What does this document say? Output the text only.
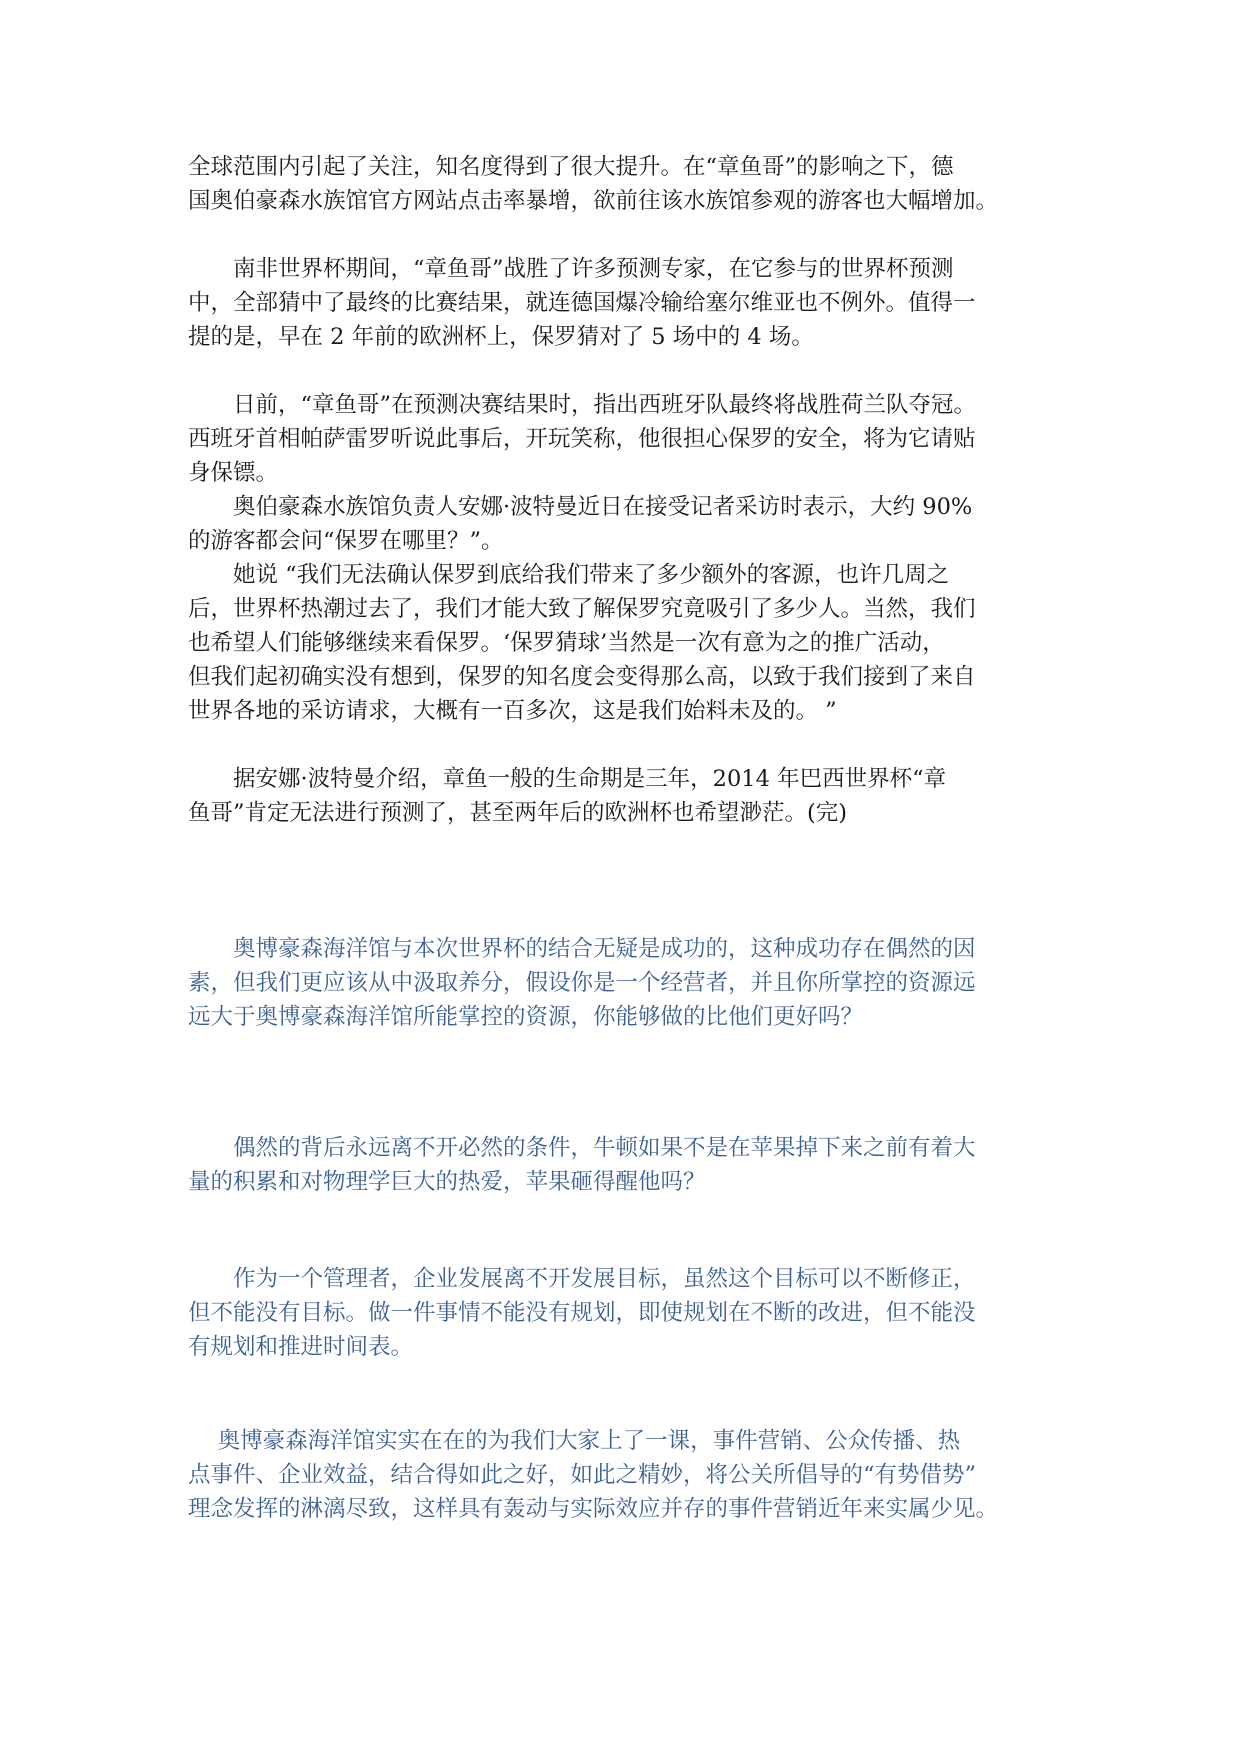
全球范围内引起了关注，知名度得到了很大提升。在“章鱼哥”的影响之下，德
国奥伯豪森水族馆官方网站点击率暴增，欲前往该水族馆参观的游客也大幅增加。
　　南非世界杯期间，“章鱼哥”战胜了许多预测专家，在它参与的世界杯预测
中，全部猜中了最终的比赛结果，就连德国爆冷输给塞尔维亚也不例外。值得一
提的是，早在 2 年前的欧洲杯上，保罗猜对了 5 场中的 4 场。
　　日前，“章鱼哥”在预测决赛结果时，指出西班牙队最终将战胜荷兰队夺冠。
西班牙首相帕萨雷罗听说此事后，开玩笑称，他很担心保罗的安全，将为它请贴
身保镖。
　　奥伯豪森水族馆负责人安娜·波特曼近日在接受记者采访时表示，大约 90%
的游客都会问“保罗在哪里？”。
　　她说 “我们无法确认保罗到底给我们带来了多少额外的客源，也许几周之
后，世界杯热潮过去了，我们才能大致了解保罗究竟吸引了多少人。当然，我们
也希望人们能够继续来看保罗。‘保罗猜球’当然是一次有意为之的推广活动，
但我们起初确实没有想到，保罗的知名度会变得那么高，以致于我们接到了来自
世界各地的采访请求，大概有一百多次，这是我们始料未及的。 ”
　　据安娜·波特曼介绍，章鱼一般的生命期是三年，2014 年巴西世界杯“章
鱼哥”肯定无法进行预测了，甚至两年后的欧洲杯也希望渺茫。(完)
　　奥博豪森海洋馆与本次世界杯的结合无疑是成功的，这种成功存在偶然的因
素，但我们更应该从中汲取养分，假设你是一个经营者，并且你所掌控的资源远
远大于奥博豪森海洋馆所能掌控的资源，你能够做的比他们更好吗？
　　偶然的背后永远离不开必然的条件，牛顿如果不是在苹果掉下来之前有着大
量的积累和对物理学巨大的热爱，苹果砸得醒他吗？
　　作为一个管理者，企业发展离不开发展目标，虽然这个目标可以不断修正，
但不能没有目标。做一件事情不能没有规划，即使规划在不断的改进，但不能没
有规划和推进时间表。
　 奥博豪森海洋馆实实在在的为我们大家上了一课，事件营销、公众传播、热
点事件、企业效益，结合得如此之好，如此之精妙，将公关所倡导的“有势借势”
理念发挥的淋漓尽致，这样具有轰动与实际效应并存的事件营销近年来实属少见。
